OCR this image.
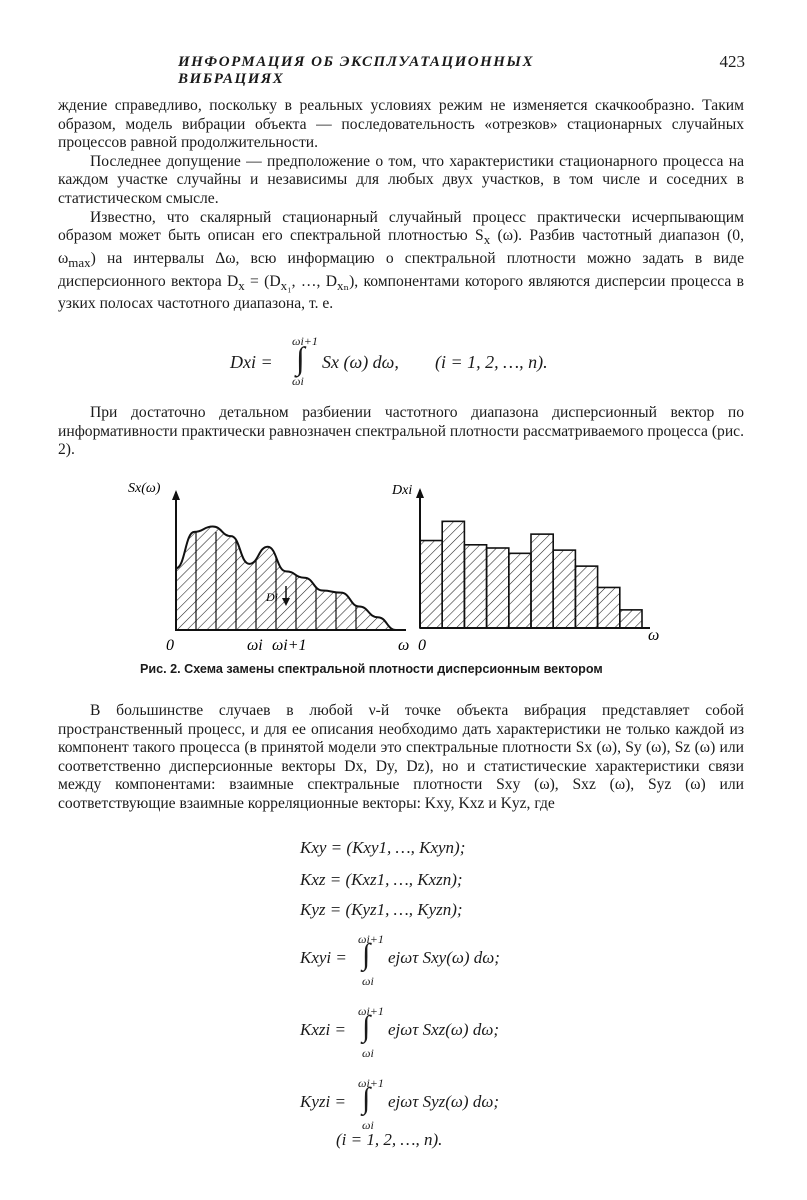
ИНФОРМАЦИЯ ОБ ЭКСПЛУАТАЦИОННЫХ ВИБРАЦИЯХ
423

ждение справедливо, поскольку в реальных условиях режим не изменяется скачкообразно. Таким образом, модель вибрации объекта — последовательность «отрезков» стационарных случайных процессов равной продолжительности.

Последнее допущение — предположение о том, что характеристики стационарного процесса на каждом участке случайны и независимы для любых двух участков, в том числе и соседних в статистическом смысле.

Известно, что скалярный стационарный случайный процесс практически исчерпывающим образом может быть описан его спектральной плотностью $S_x$ (ω). Разбив частотный диапазон (0, $\omega_{max}$) на интервалы Δω, всю информацию о спектральной плотности можно задать в виде дисперсионного вектора $D_x = (D_{x_1}$, …, $D_{x_n}$), компонентами которого являются дисперсии процесса в узких полосах частотного диапазона, т. е.

Dxi =
ωi+1
∫
ωi
Sx (ω) dω, (i = 1, 2, …, n).
При достаточно детальном разбиении частотного диапазона дисперсионный вектор по информативности практически равнозначен спектральной плотности рассматриваемого процесса (рис. 2).
Sx(ω)	Dxi
0	ωi ωi+1	ω 0
ω
Di
Рис. 2. Схема замены спектральной плотности дисперсионным вектором
В большинстве случаев в любой ν-й точке объекта вибрация представляет собой пространственный процесс, и для ее описания необходимо дать характеристики не только каждой из компонент такого процесса (в принятой модели это спектральные плотности Sx (ω), Sy (ω), Sz (ω) или соответственно дисперсионные векторы Dx, Dy, Dz), но и статистические характеристики связи между компонентами: взаимные спектральные плотности Sxy (ω), Sxz (ω), Syz (ω) или соответствующие взаимные корреляционные векторы: Kxy, Kxz и Kyz, где
Kxy = (Kxy1, …, Kxyn);
Kxz = (Kxz1, …, Kxzn);
Kyz = (Kyz1, …, Kyzn);
Kxyi =
ωi+1
∫
ωi
ejωτ Sxy(ω) dω;
Kxzi =
ωi+1
∫
ωi
ejωτ Sxz(ω) dω;
Kyzi =
ωi+1
∫
ωi
ejωτ Syz(ω) dω;
(i = 1, 2, …, n).
